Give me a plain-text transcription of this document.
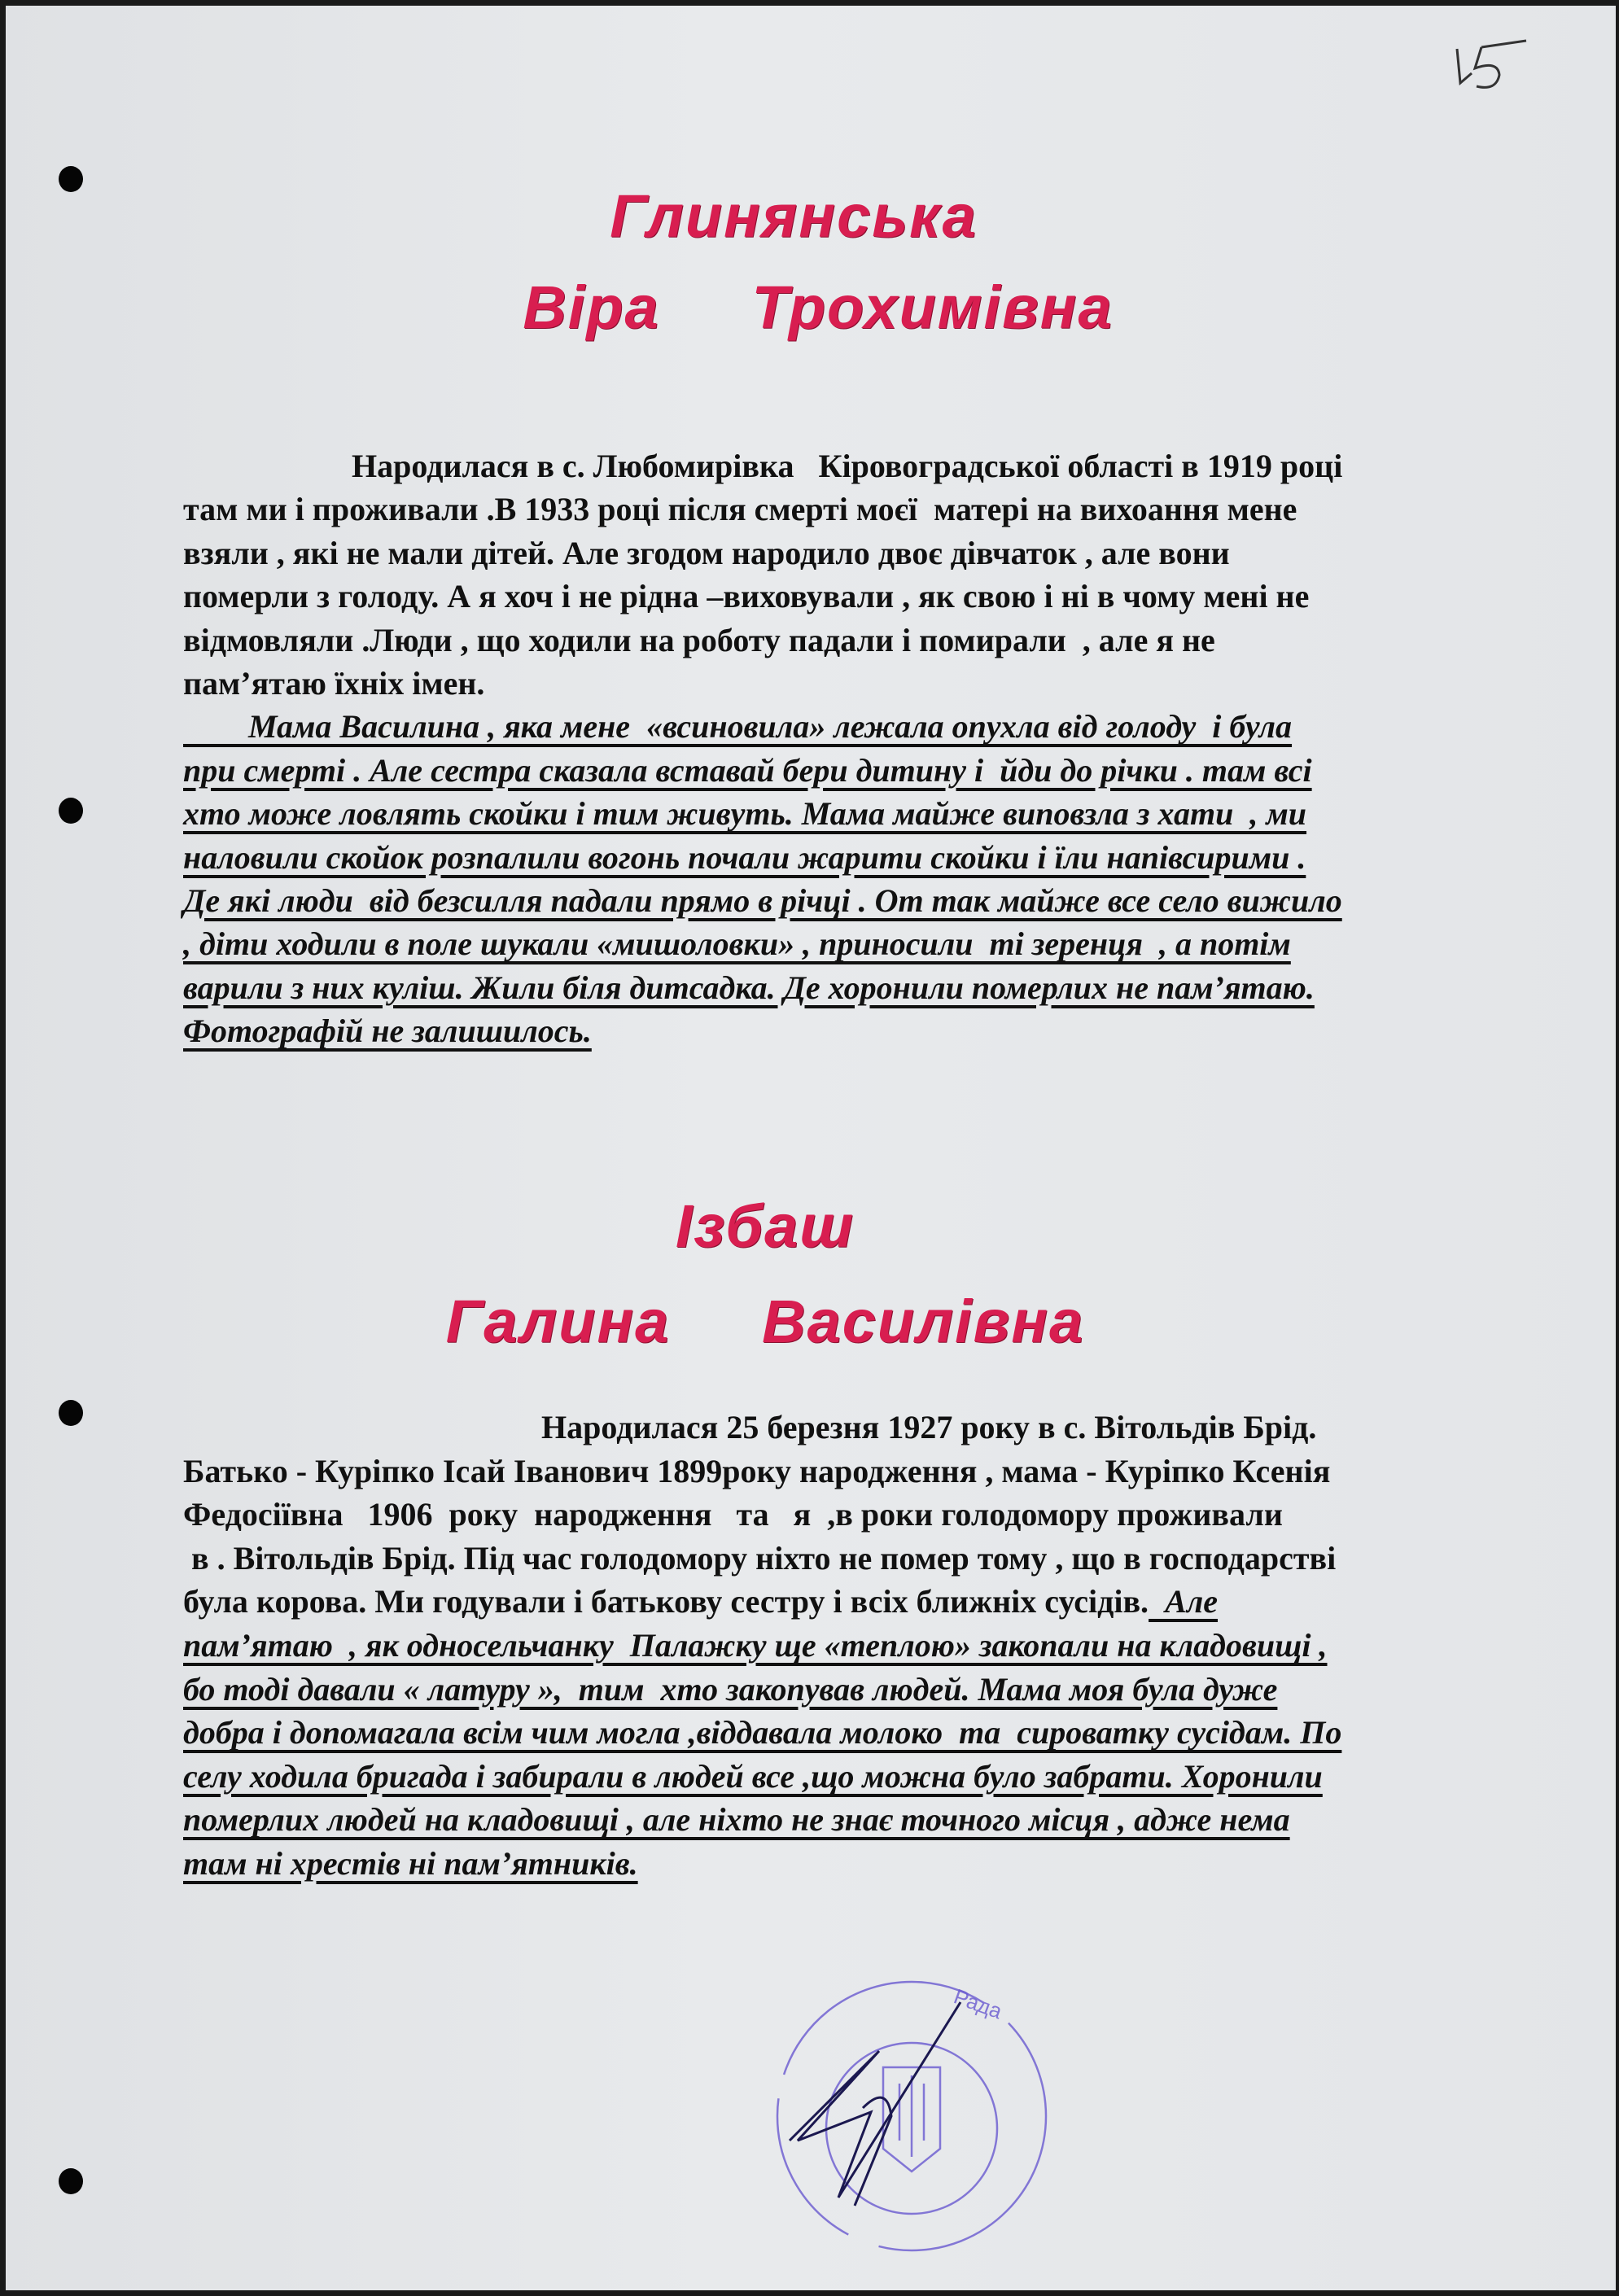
Глинянська
Віра     Трохимівна
Народилася в с. Любомирівка   Кіровоградської області в 1919 році
там ми і проживали .В 1933 році після смерті моєї  матері на вихоання мене
взяли , які не мали дітей. Але згодом народило двоє дівчаток , але вони
померли з голоду. А я хоч і не рідна –виховували , як свою і ні в чому мені не
відмовляли .Люди , що ходили на роботу падали і помирали  , але я не
пам’ятаю їхніх імен.
Мама Василина , яка мене  «всиновила» лежала опухла від голоду  і була
при смерті . Але сестра сказала вставай бери дитину і  йди до річки . там всі
хто може ловлять скойки і тим живуть. Мама майже виповзла з хати  , ми
наловили скойок розпалили вогонь почали жарити скойки і їли напівсирими .
Де які люди  від безсилля падали прямо в річці . От так майже все село вижило
, діти ходили в поле шукали «мишоловки» , приносили  ті зеренця  , а потім
варили з них куліш. Жили біля дитсадка. Де хоронили померлих не пам’ятаю.
Фотографій не залишилось.
Ізбаш
Галина     Василівна
Народилася 25 березня 1927 року в с. Вітольдів Брід.
Батько - Куріпко Ісай Іванович 1899року народження , мама - Куріпко Ксенія
Федосіївна   1906  року  народження   та   я  ,в роки голодомору проживали
в . Вітольдів Брід. Під час голодомору ніхто не помер тому , що в господарстві
була корова. Ми годували і батькову сестру і всіх ближніх сусідів.  Але
пам’ятаю  , як односельчанку  Палажку ще «теплою» закопали на кладовищі ,
бо тоді давали « латуру »,  тим  хто закопував людей. Мама моя була дуже
добра і допомагала всім чим могла ,віддавала молоко  та  сироватку сусідам. По
селу ходила бригада і забирали в людей все ,що можна було забрати. Хоронили
померлих людей на кладовищі , але ніхто не знає точного місця , адже нема
там ні хрестів ні пам’ятників.
Рада
